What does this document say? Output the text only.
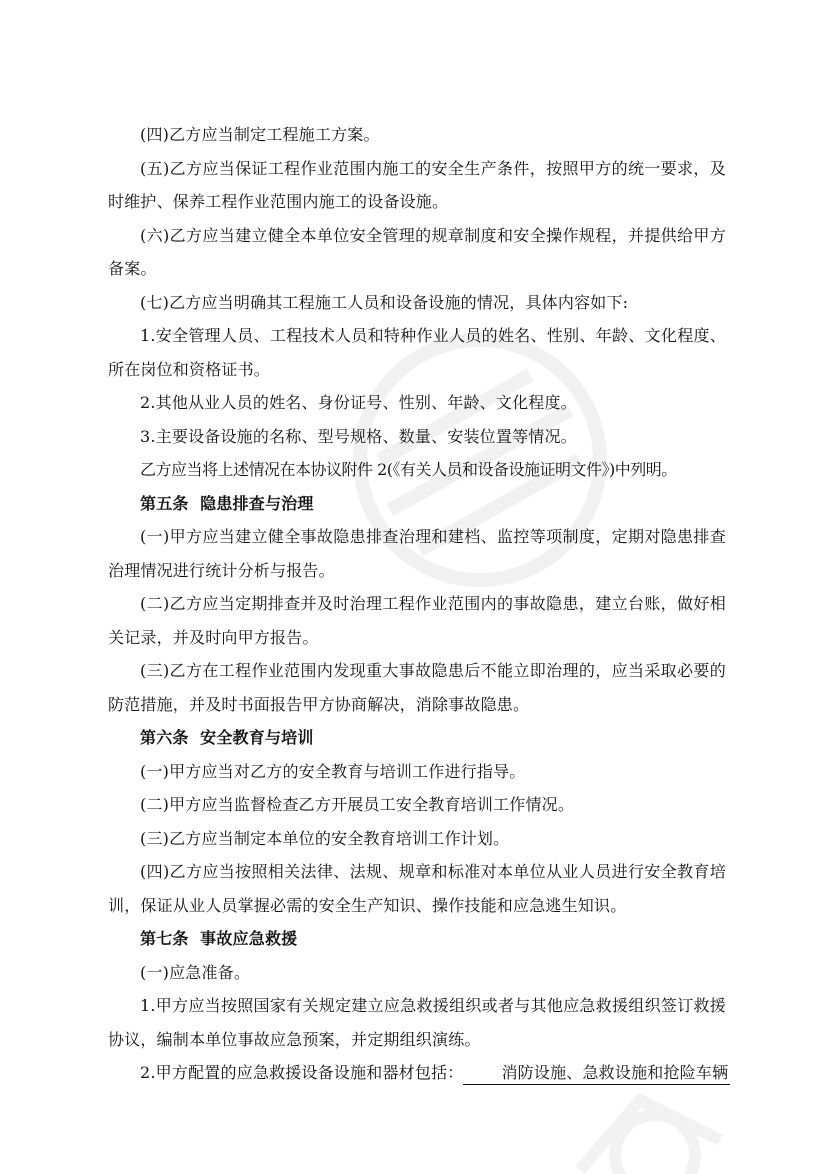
(四)乙方应当制定工程施工方案。

(五)乙方应当保证工程作业范围内施工的安全生产条件，按照甲方的统一要求，及时维护、保养工程作业范围内施工的设备设施。

(六)乙方应当建立健全本单位安全管理的规章制度和安全操作规程，并提供给甲方备案。

(七)乙方应当明确其工程施工人员和设备设施的情况，具体内容如下:

1.安全管理人员、工程技术人员和特种作业人员的姓名、性别、年龄、文化程度、所在岗位和资格证书。

2.其他从业人员的姓名、身份证号、性别、年龄、文化程度。

3.主要设备设施的名称、型号规格、数量、安装位置等情况。

乙方应当将上述情况在本协议附件 2(《有关人员和设备设施证明文件》)中列明。

第五条  隐患排查与治理

(一)甲方应当建立健全事故隐患排查治理和建档、监控等项制度，定期对隐患排查治理情况进行统计分析与报告。

(二)乙方应当定期排查并及时治理工程作业范围内的事故隐患，建立台账，做好相关记录，并及时向甲方报告。

(三)乙方在工程作业范围内发现重大事故隐患后不能立即治理的，应当采取必要的防范措施，并及时书面报告甲方协商解决，消除事故隐患。

第六条  安全教育与培训

(一)甲方应当对乙方的安全教育与培训工作进行指导。

(二)甲方应当监督检查乙方开展员工安全教育培训工作情况。

(三)乙方应当制定本单位的安全教育培训工作计划。

(四)乙方应当按照相关法律、法规、规章和标准对本单位从业人员进行安全教育培训，保证从业人员掌握必需的安全生产知识、操作技能和应急逃生知识。

第七条  事故应急救援

(一)应急准备。

1.甲方应当按照国家有关规定建立应急救援组织或者与其他应急救援组织签订救援协议，编制本单位事故应急预案，并定期组织演练。

2.甲方配置的应急救援设备设施和器材包括： 消防设施、急救设施和抢险车辆
